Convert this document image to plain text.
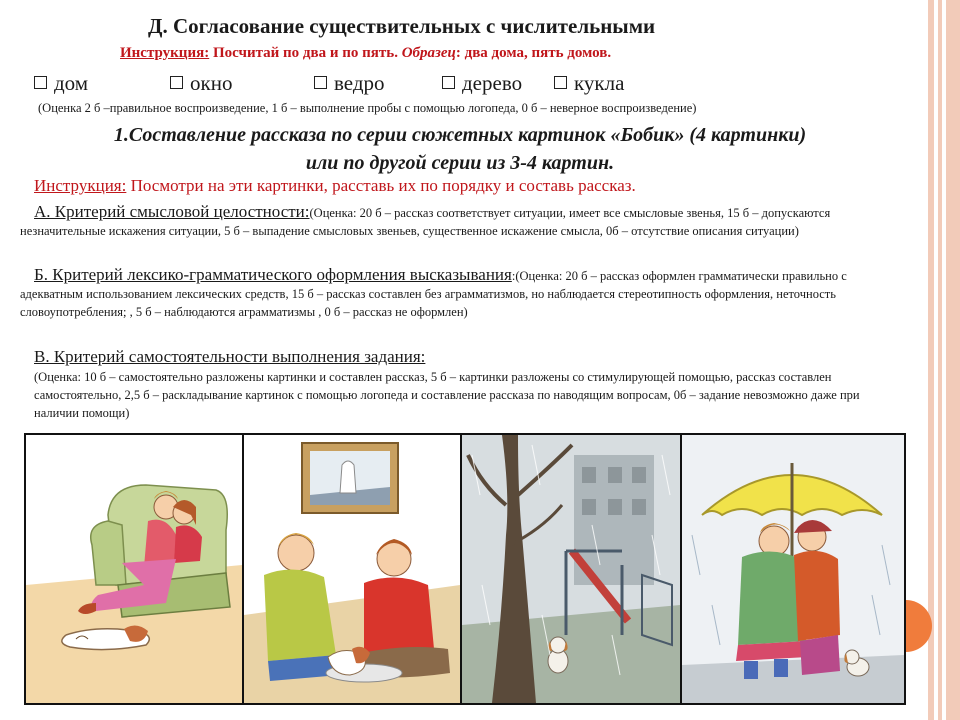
Д. Согласование существительных с числительными
Инструкция: Посчитай по два и по пять. Образец: два дома, пять домов.
дом	окно	ведро	дерево	кукла
(Оценка 2 б –правильное воспроизведение, 1 б – выполнение пробы с помощью логопеда, 0 б – неверное воспроизведение)
1.Составление рассказа по серии сюжетных картинок «Бобик» (4 картинки)
или по другой серии из 3-4 картин.
Инструкция: Посмотри на эти картинки, расставь их по порядку и составь рассказ.
А. Критерий смысловой целостности:(Оценка: 20 б – рассказ соответствует ситуации, имеет все смысловые звенья, 15 б – допускаются незначительные искажения ситуации, 5 б – выпадение смысловых звеньев, существенное искажение смысла, 0б – отсутствие описания ситуации)
Б. Критерий лексико-грамматического оформления высказывания:(Оценка: 20 б – рассказ оформлен грамматически правильно с адекватным использованием лексических средств, 15 б – рассказ составлен без аграмматизмов, но наблюдается стереотипность оформления, неточность словоупотребления; , 5 б – наблюдаются аграмматизмы , 0 б – рассказ не оформлен)
В. Критерий самостоятельности выполнения задания:
(Оценка: 10 б – самостоятельно разложены картинки и составлен рассказ, 5 б – картинки разложены со стимулирующей помощью, рассказ составлен самостоятельно, 2,5 б – раскладывание картинок с помощью логопеда и составление рассказа по наводящим вопросам, 0б – задание невозможно даже при наличии помощи)
